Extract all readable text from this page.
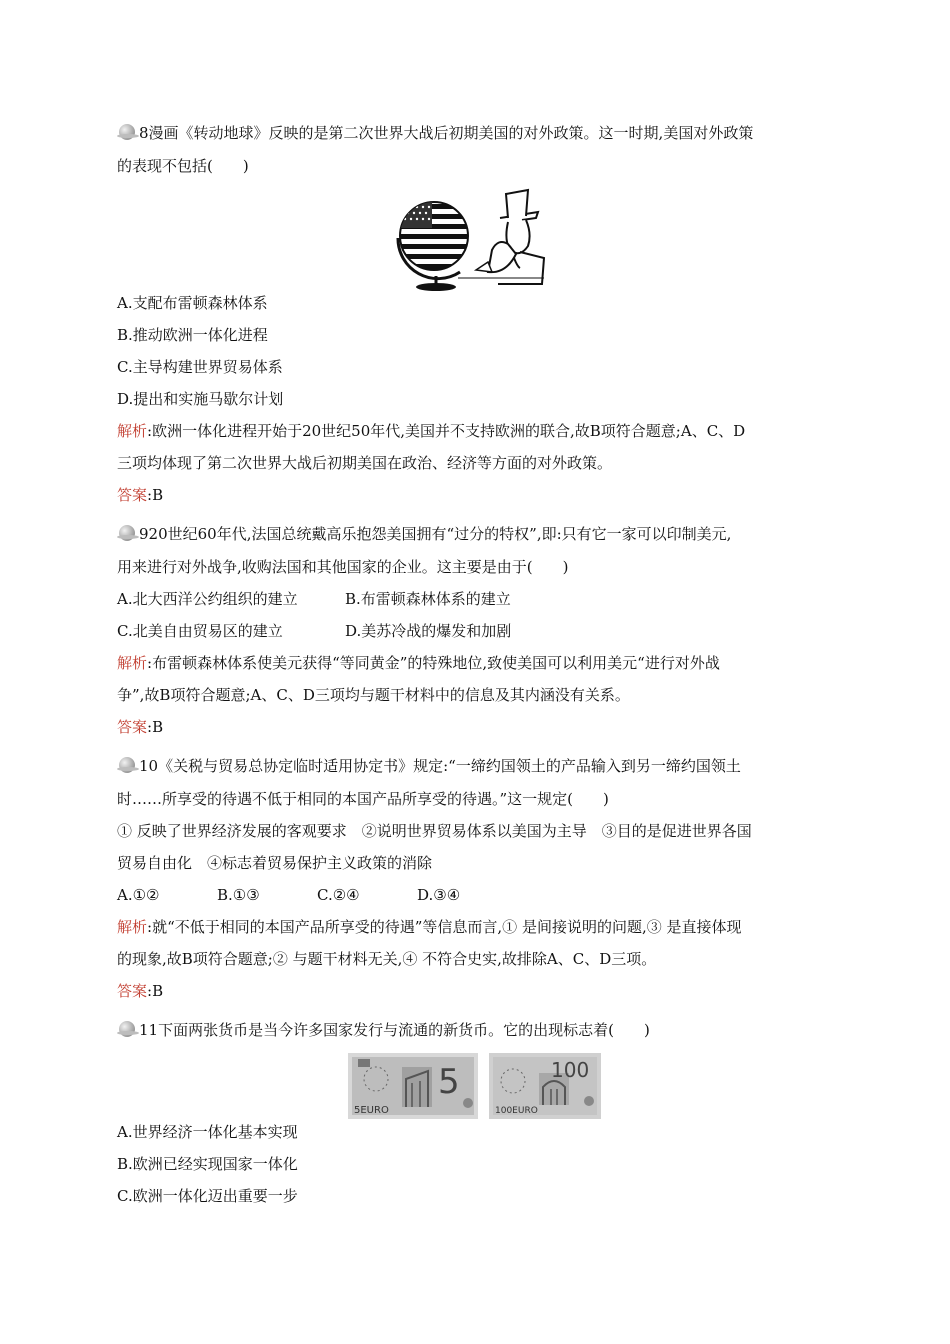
8漫画《转动地球》反映的是第二次世界大战后初期美国的对外政策。这一时期,美国对外政策
的表现不包括(　　)
A.支配布雷顿森林体系
B.推动欧洲一体化进程
C.主导构建世界贸易体系
D.提出和实施马歇尔计划
解析:欧洲一体化进程开始于20世纪50年代,美国并不支持欧洲的联合,故B项符合题意;A、C、D
三项均体现了第二次世界大战后初期美国在政治、经济等方面的对外政策。
答案:B
920世纪60年代,法国总统戴高乐抱怨美国拥有“过分的特权”,即:只有它一家可以印制美元,
用来进行对外战争,收购法国和其他国家的企业。这主要是由于(　　)
A.北大西洋公约组织的建立	B.布雷顿森林体系的建立
C.北美自由贸易区的建立	D.美苏冷战的爆发和加剧
解析:布雷顿森林体系使美元获得“等同黄金”的特殊地位,致使美国可以利用美元“进行对外战
争”,故B项符合题意;A、C、D三项均与题干材料中的信息及其内涵没有关系。
答案:B
10《关税与贸易总协定临时适用协定书》规定:“一缔约国领土的产品输入到另一缔约国领土
时……所享受的待遇不低于相同的本国产品所享受的待遇。”这一规定(　　)
① 反映了世界经济发展的客观要求　②说明世界贸易体系以美国为主导　③目的是促进世界各国
贸易自由化　④标志着贸易保护主义政策的消除
A.①②	B.①③	C.②④	D.③④
解析:就“不低于相同的本国产品所享受的待遇”等信息而言,① 是间接说明的问题,③ 是直接体现
的现象,故B项符合题意;② 与题干材料无关,④ 不符合史实,故排除A、C、D三项。
答案:B
11下面两张货币是当今许多国家发行与流通的新货币。它的出现标志着(　　)
5
5EURO
100
100EURO
A.世界经济一体化基本实现
B.欧洲已经实现国家一体化
C.欧洲一体化迈出重要一步
